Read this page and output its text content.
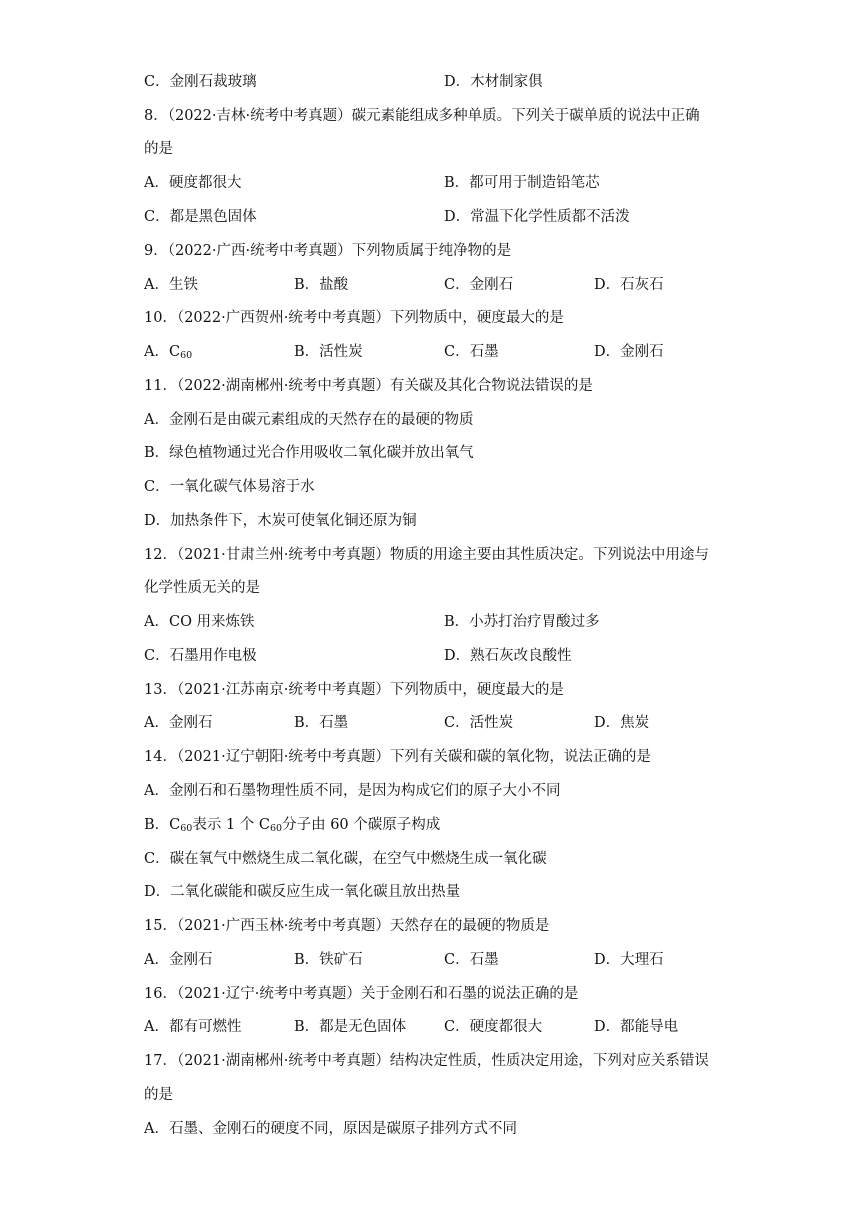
C．金刚石裁玻璃	D．木材制家俱
8．（2022·吉林·统考中考真题）碳元素能组成多种单质。下列关于碳单质的说法中正确
的是
A．硬度都很大	B．都可用于制造铅笔芯
C．都是黑色固体	D．常温下化学性质都不活泼
9．（2022·广西·统考中考真题）下列物质属于纯净物的是
A．生铁	B．盐酸	C．金刚石	D．石灰石
10．（2022·广西贺州·统考中考真题）下列物质中，硬度最大的是
A．$C_{60}$	B．活性炭	C．石墨	D．金刚石
11．（2022·湖南郴州·统考中考真题）有关碳及其化合物说法错误的是
A．金刚石是由碳元素组成的天然存在的最硬的物质
B．绿色植物通过光合作用吸收二氧化碳并放出氧气
C．一氧化碳气体易溶于水
D．加热条件下，木炭可使氧化铜还原为铜
12．（2021·甘肃兰州·统考中考真题）物质的用途主要由其性质决定。下列说法中用途与
化学性质无关的是
A．CO 用来炼铁	B．小苏打治疗胃酸过多
C．石墨用作电极	D．熟石灰改良酸性
13．（2021·江苏南京·统考中考真题）下列物质中，硬度最大的是
A．金刚石	B．石墨	C．活性炭	D．焦炭
14．（2021·辽宁朝阳·统考中考真题）下列有关碳和碳的氧化物，说法正确的是
A．金刚石和石墨物理性质不同，是因为构成它们的原子大小不同
B．$C_{60}$表示 1 个 $C_{60}$分子由 60 个碳原子构成
C．碳在氧气中燃烧生成二氧化碳，在空气中燃烧生成一氧化碳
D．二氧化碳能和碳反应生成一氧化碳且放出热量
15．（2021·广西玉林·统考中考真题）天然存在的最硬的物质是
A．金刚石	B．铁矿石	C．石墨	D．大理石
16．（2021·辽宁·统考中考真题）关于金刚石和石墨的说法正确的是
A．都有可燃性	B．都是无色固体	C．硬度都很大	D．都能导电
17．（2021·湖南郴州·统考中考真题）结构决定性质，性质决定用途，下列对应关系错误
的是
A．石墨、金刚石的硬度不同，原因是碳原子排列方式不同
